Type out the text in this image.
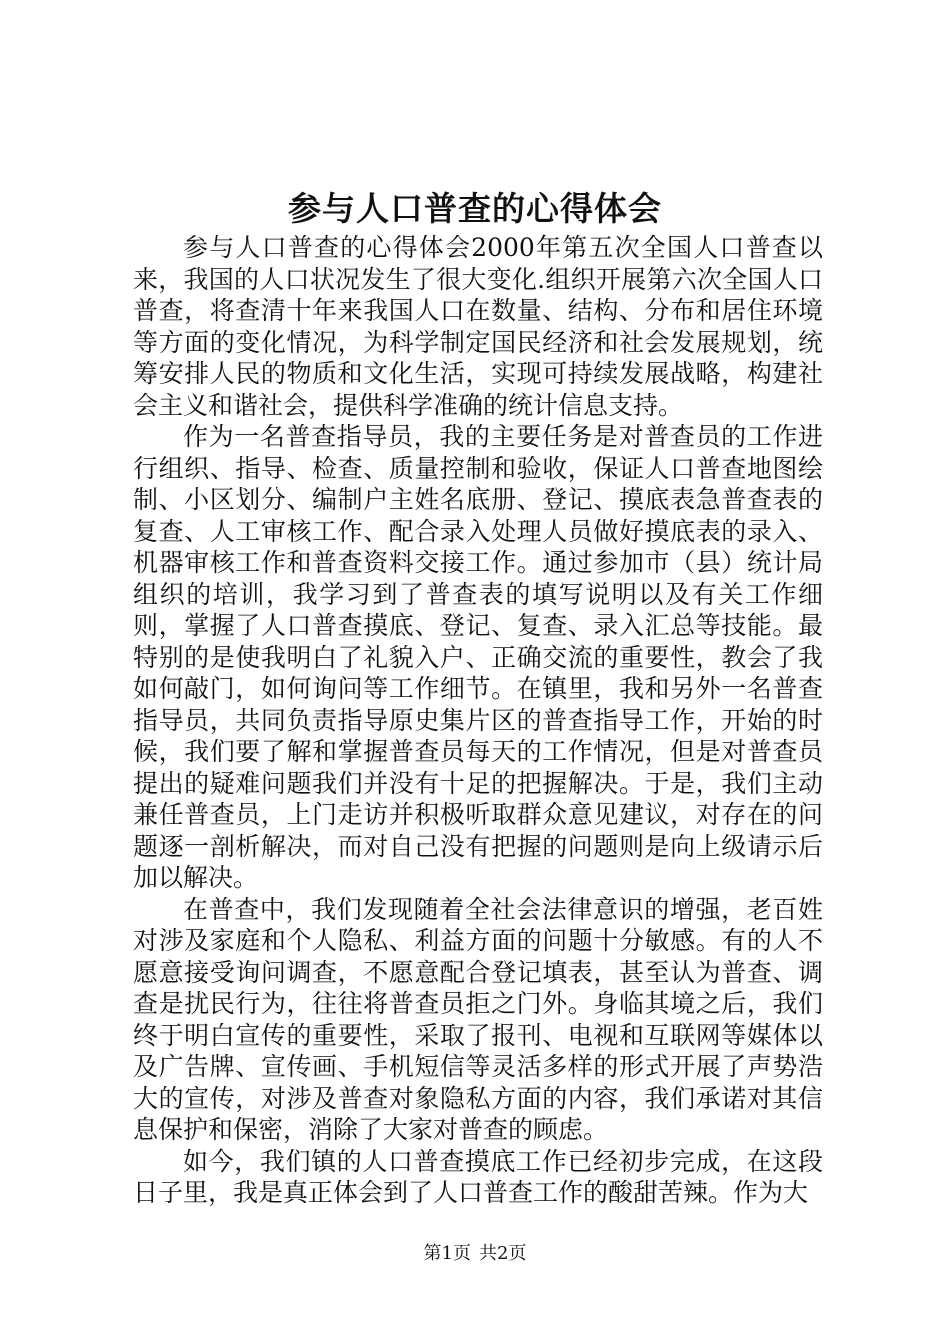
参与人口普查的心得体会

参与人口普查的心得体会2000年第五次全国人口普查以来，我国的人口状况发生了很大变化.组织开展第六次全国人口普查，将查清十年来我国人口在数量、结构、分布和居住环境等方面的变化情况，为科学制定国民经济和社会发展规划，统筹安排人民的物质和文化生活，实现可持续发展战略，构建社会主义和谐社会，提供科学准确的统计信息支持。

作为一名普查指导员，我的主要任务是对普查员的工作进行组织、指导、检查、质量控制和验收，保证人口普查地图绘制、小区划分、编制户主姓名底册、登记、摸底表急普查表的复查、人工审核工作、配合录入处理人员做好摸底表的录入、机器审核工作和普查资料交接工作。通过参加市（县）统计局组织的培训，我学习到了普查表的填写说明以及有关工作细则，掌握了人口普查摸底、登记、复查、录入汇总等技能。最特别的是使我明白了礼貌入户、正确交流的重要性，教会了我如何敲门，如何询问等工作细节。在镇里，我和另外一名普查指导员，共同负责指导原史集片区的普查指导工作，开始的时候，我们要了解和掌握普查员每天的工作情况，但是对普查员提出的疑难问题我们并没有十足的把握解决。于是，我们主动兼任普查员，上门走访并积极听取群众意见建议，对存在的问题逐一剖析解决，而对自己没有把握的问题则是向上级请示后加以解决。

在普查中，我们发现随着全社会法律意识的增强，老百姓对涉及家庭和个人隐私、利益方面的问题十分敏感。有的人不愿意接受询问调查，不愿意配合登记填表，甚至认为普查、调查是扰民行为，往往将普查员拒之门外。身临其境之后，我们终于明白宣传的重要性，采取了报刊、电视和互联网等媒体以及广告牌、宣传画、手机短信等灵活多样的形式开展了声势浩大的宣传，对涉及普查对象隐私方面的内容，我们承诺对其信息保护和保密，消除了大家对普查的顾虑。

如今，我们镇的人口普查摸底工作已经初步完成，在这段日子里，我是真正体会到了人口普查工作的酸甜苦辣。作为大

第1页 共2页
